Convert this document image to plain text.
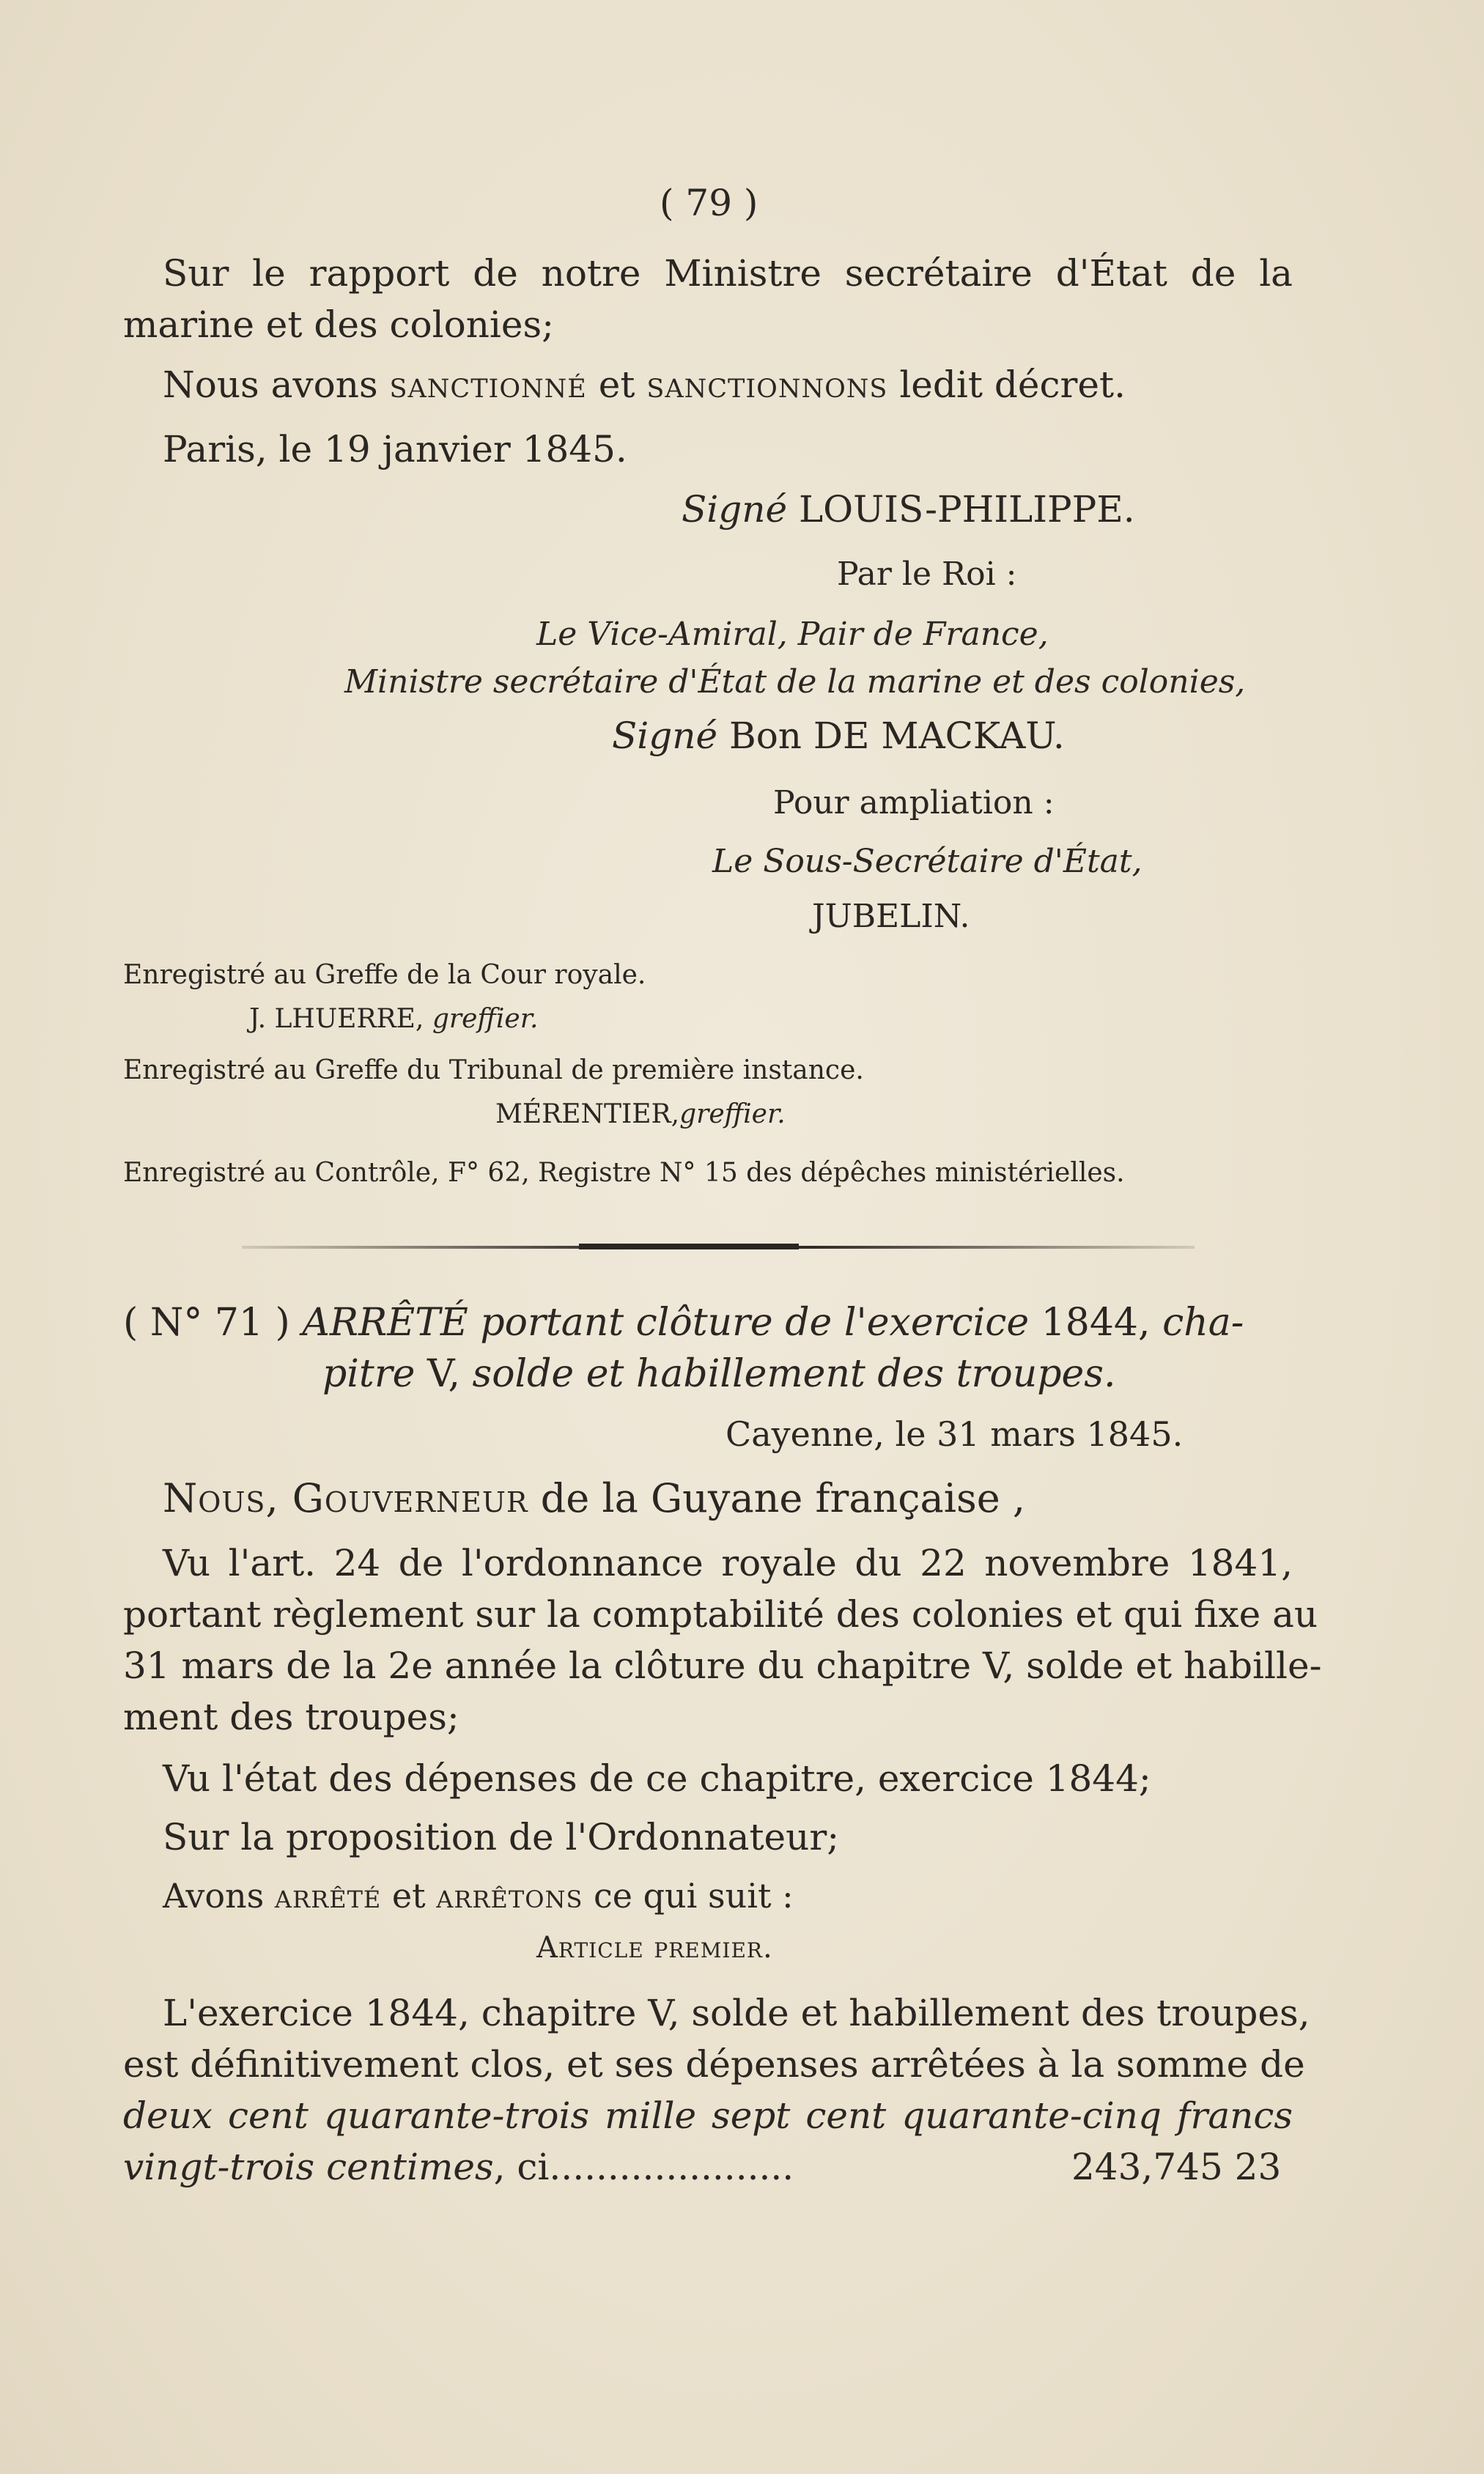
( 79 )
Sur le rapport de notre Ministre secrétaire d'État de la
marine et des colonies;
Nous avons sanctionné et sanctionnons ledit décret.
Paris, le 19 janvier 1845.
Signé LOUIS-PHILIPPE.
Par le Roi :
Le Vice-Amiral, Pair de France,
Ministre secrétaire d'État de la marine et des colonies,
Signé Bon DE MACKAU.
Pour ampliation :
Le Sous-Secrétaire d'État,
JUBELIN.
Enregistré au Greffe de la Cour royale.
J. LHUERRE, greffier.
Enregistré au Greffe du Tribunal de première instance.
MÉRENTIER,greffier.
Enregistré au Contrôle, F° 62, Registre N° 15 des dépêches ministérielles.
( N° 71 ) ARRÊTÉ portant clôture de l'exercice 1844, cha-
pitre V, solde et habillement des troupes.
Cayenne, le 31 mars 1845.
Nous, Gouverneur de la Guyane française ,
Vu l'art. 24 de l'ordonnance royale du 22 novembre 1841,
portant règlement sur la comptabilité des colonies et qui fixe au
31 mars de la 2e année la clôture du chapitre V, solde et habille-
ment des troupes;
Vu l'état des dépenses de ce chapitre, exercice 1844;
Sur la proposition de l'Ordonnateur;
Avons arrêté et arrêtons ce qui suit :
Article premier.
L'exercice 1844, chapitre V, solde et habillement des troupes,
est définitivement clos, et ses dépenses arrêtées à la somme de
deux cent quarante-trois mille sept cent quarante-cinq francs
vingt-trois centimes, ci.....................	243,745 23
